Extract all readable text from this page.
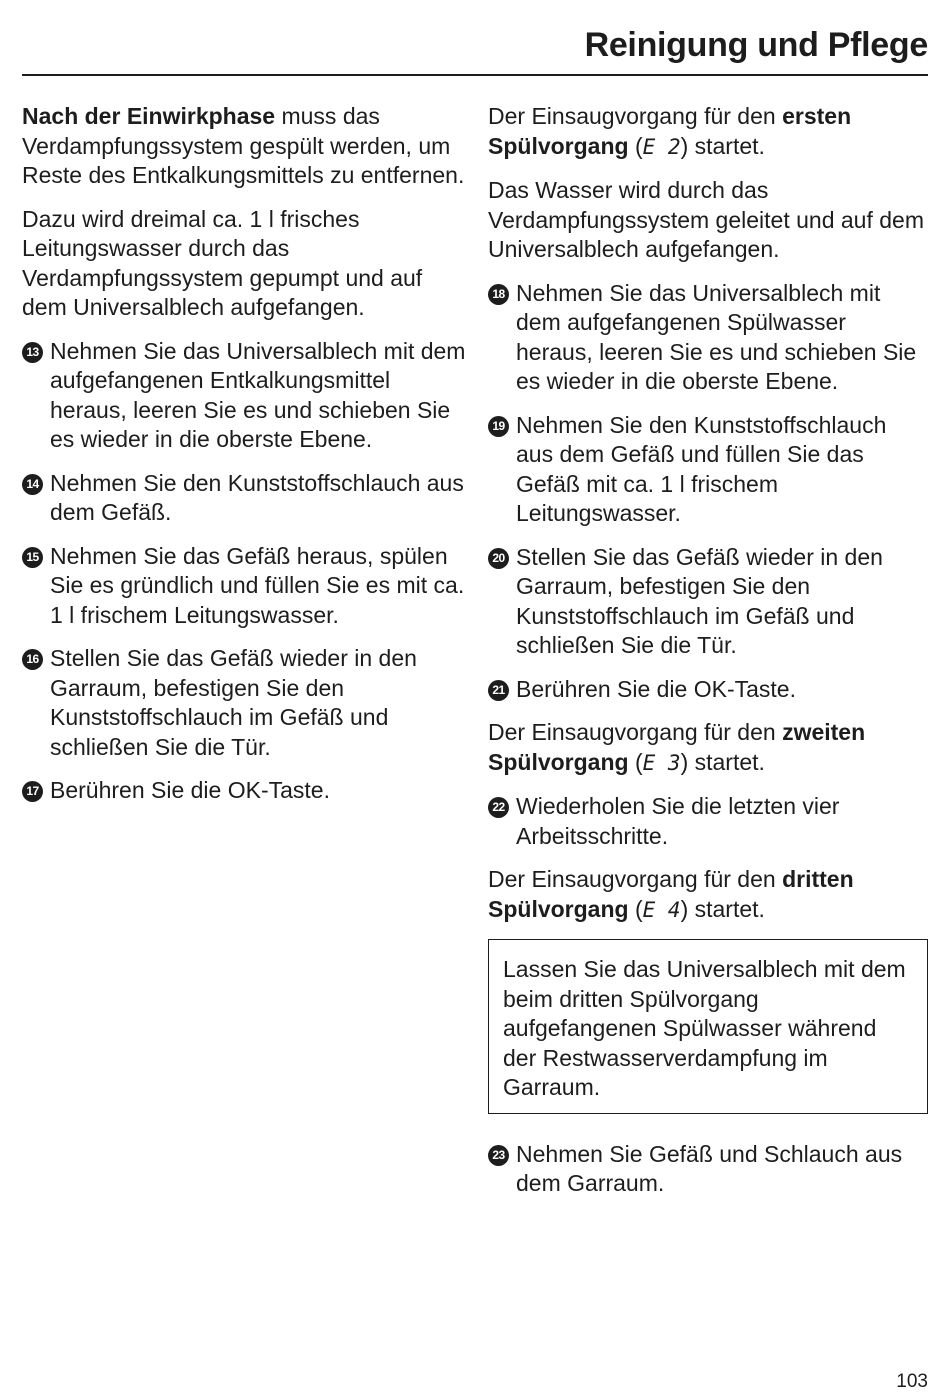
Reinigung und Pflege

Nach der Einwirkphase muss das Verdampfungssystem gespült werden, um Reste des Entkalkungsmittels zu entfernen.

Dazu wird dreimal ca. 1 l frisches Leitungswasser durch das Verdampfungssystem gepumpt und auf dem Universalblech aufgefangen.

13 Nehmen Sie das Universalblech mit dem aufgefangenen Entkalkungsmittel heraus, leeren Sie es und schieben Sie es wieder in die oberste Ebene.
14 Nehmen Sie den Kunststoffschlauch aus dem Gefäß.
15 Nehmen Sie das Gefäß heraus, spülen Sie es gründlich und füllen Sie es mit ca. 1 l frischem Leitungswasser.
16 Stellen Sie das Gefäß wieder in den Garraum, befestigen Sie den Kunststoffschlauch im Gefäß und schließen Sie die Tür.
17 Berühren Sie die OK-Taste.

Der Einsaugvorgang für den ersten Spülvorgang (E 2) startet.

Das Wasser wird durch das Verdampfungssystem geleitet und auf dem Universalblech aufgefangen.

18 Nehmen Sie das Universalblech mit dem aufgefangenen Spülwasser heraus, leeren Sie es und schieben Sie es wieder in die oberste Ebene.
19 Nehmen Sie den Kunststoffschlauch aus dem Gefäß und füllen Sie das Gefäß mit ca. 1 l frischem Leitungswasser.
20 Stellen Sie das Gefäß wieder in den Garraum, befestigen Sie den Kunststoffschlauch im Gefäß und schließen Sie die Tür.
21 Berühren Sie die OK-Taste.

Der Einsaugvorgang für den zweiten Spülvorgang (E 3) startet.

22 Wiederholen Sie die letzten vier Arbeitsschritte.

Der Einsaugvorgang für den dritten Spülvorgang (E 4) startet.

Lassen Sie das Universalblech mit dem beim dritten Spülvorgang aufgefangenen Spülwasser während der Restwasserverdampfung im Garraum.

23 Nehmen Sie Gefäß und Schlauch aus dem Garraum.
103
